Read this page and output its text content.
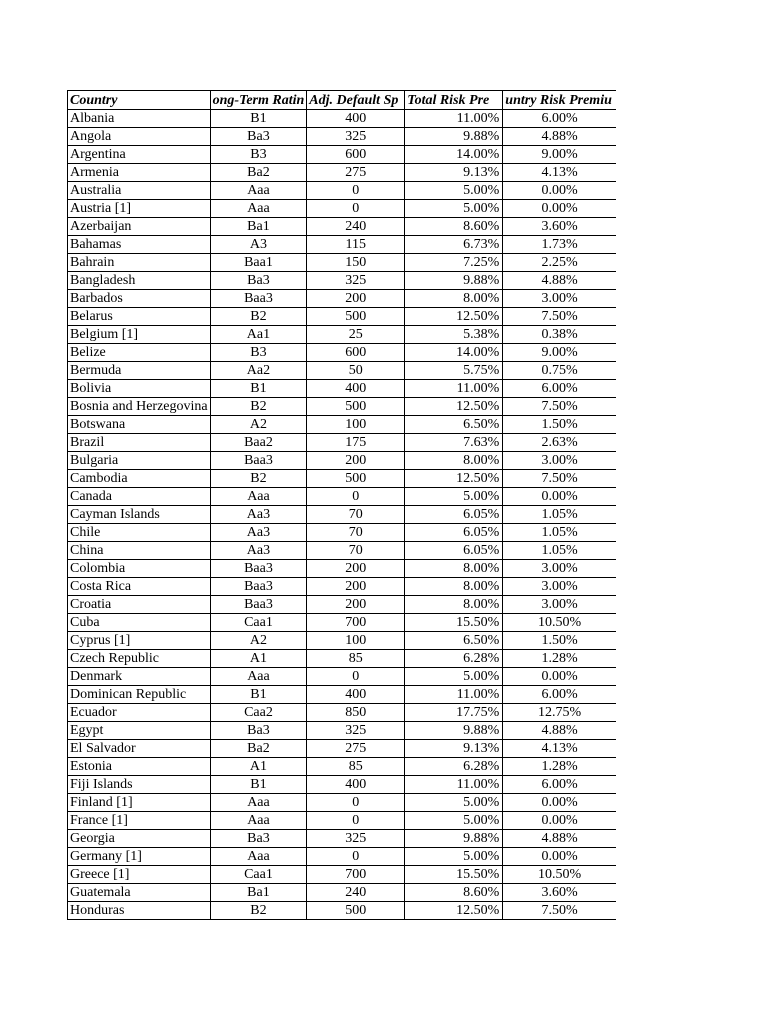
Country	ong-Term Ratin	Adj. Default Sp	Total Risk Pre	untry Risk Premiu
Albania	B1	400	11.00%	6.00%
Angola	Ba3	325	9.88%	4.88%
Argentina	B3	600	14.00%	9.00%
Armenia	Ba2	275	9.13%	4.13%
Australia	Aaa	0	5.00%	0.00%
Austria [1]	Aaa	0	5.00%	0.00%
Azerbaijan	Ba1	240	8.60%	3.60%
Bahamas	A3	115	6.73%	1.73%
Bahrain	Baa1	150	7.25%	2.25%
Bangladesh	Ba3	325	9.88%	4.88%
Barbados	Baa3	200	8.00%	3.00%
Belarus	B2	500	12.50%	7.50%
Belgium [1]	Aa1	25	5.38%	0.38%
Belize	B3	600	14.00%	9.00%
Bermuda	Aa2	50	5.75%	0.75%
Bolivia	B1	400	11.00%	6.00%
Bosnia and Herzegovina	B2	500	12.50%	7.50%
Botswana	A2	100	6.50%	1.50%
Brazil	Baa2	175	7.63%	2.63%
Bulgaria	Baa3	200	8.00%	3.00%
Cambodia	B2	500	12.50%	7.50%
Canada	Aaa	0	5.00%	0.00%
Cayman Islands	Aa3	70	6.05%	1.05%
Chile	Aa3	70	6.05%	1.05%
China	Aa3	70	6.05%	1.05%
Colombia	Baa3	200	8.00%	3.00%
Costa Rica	Baa3	200	8.00%	3.00%
Croatia	Baa3	200	8.00%	3.00%
Cuba	Caa1	700	15.50%	10.50%
Cyprus [1]	A2	100	6.50%	1.50%
Czech Republic	A1	85	6.28%	1.28%
Denmark	Aaa	0	5.00%	0.00%
Dominican Republic	B1	400	11.00%	6.00%
Ecuador	Caa2	850	17.75%	12.75%
Egypt	Ba3	325	9.88%	4.88%
El Salvador	Ba2	275	9.13%	4.13%
Estonia	A1	85	6.28%	1.28%
Fiji Islands	B1	400	11.00%	6.00%
Finland [1]	Aaa	0	5.00%	0.00%
France [1]	Aaa	0	5.00%	0.00%
Georgia	Ba3	325	9.88%	4.88%
Germany [1]	Aaa	0	5.00%	0.00%
Greece [1]	Caa1	700	15.50%	10.50%
Guatemala	Ba1	240	8.60%	3.60%
Honduras	B2	500	12.50%	7.50%
